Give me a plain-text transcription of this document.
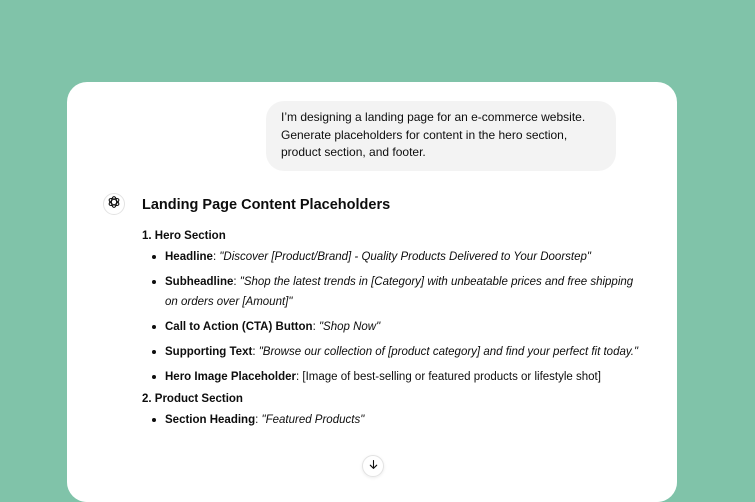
I’m designing a landing page for an e-commerce website. Generate placeholders for content in the hero section, product section, and footer.
Landing Page Content Placeholders
1. Hero Section
Headline: "Discover [Product/Brand] - Quality Products Delivered to Your Doorstep"
Subheadline: "Shop the latest trends in [Category] with unbeatable prices and free shipping on orders over [Amount]"
Call to Action (CTA) Button: "Shop Now"
Supporting Text: "Browse our collection of [product category] and find your perfect fit today."
Hero Image Placeholder: [Image of best-selling or featured products or lifestyle shot]
2. Product Section
Section Heading: "Featured Products"
